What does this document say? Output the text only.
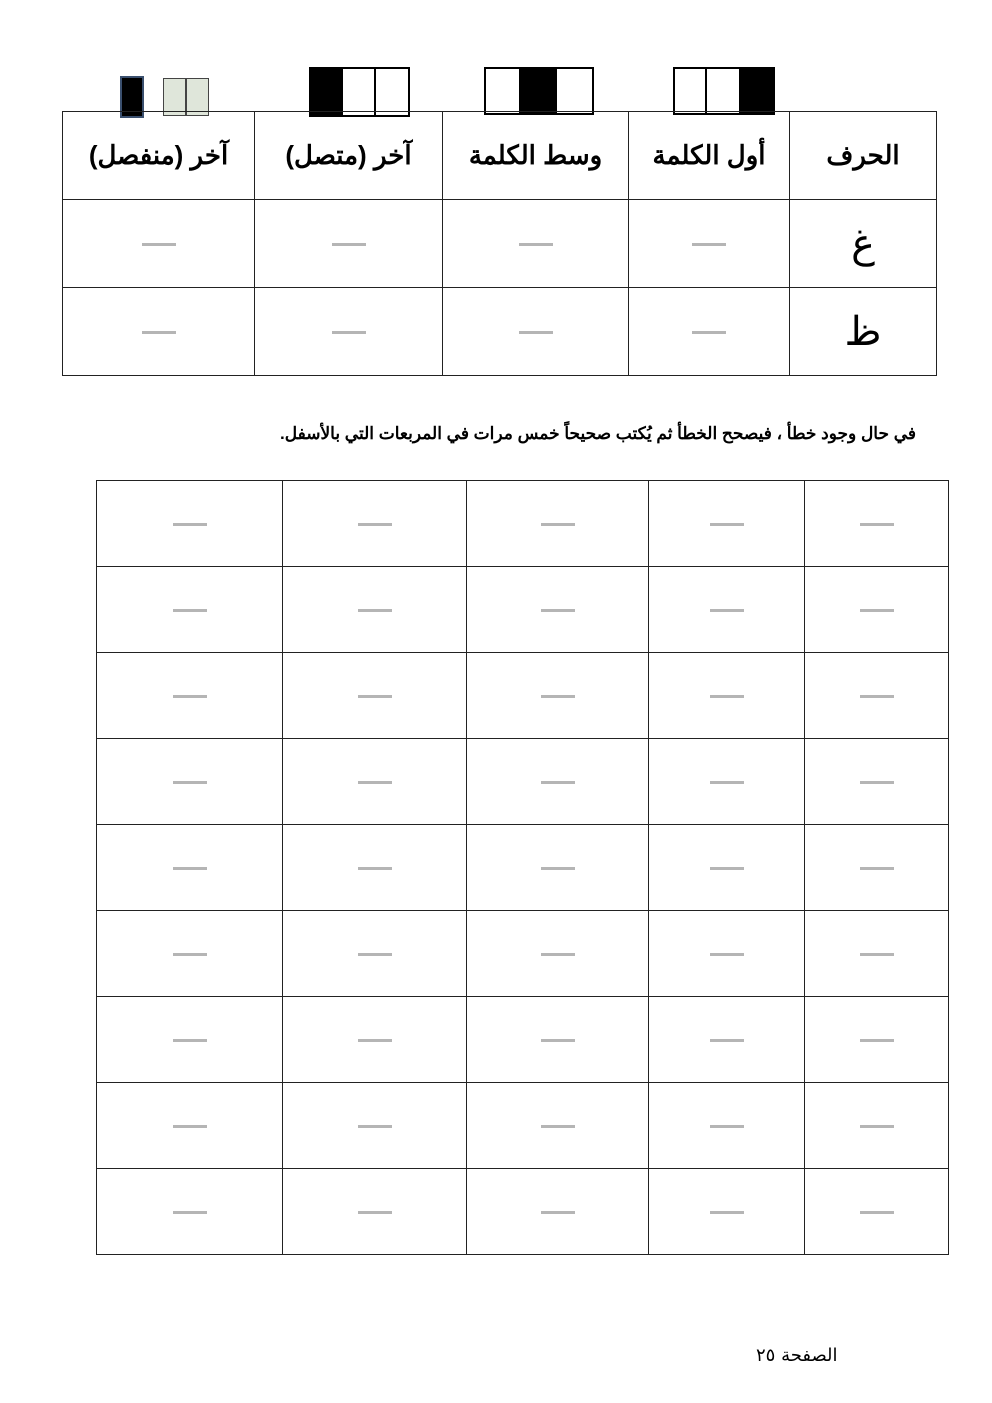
الحرف	أول الكلمة	وسط الكلمة	آخر (متصل)	آخر (منفصل)
غ				
ظ				
في حال وجود خطأ ، فيصحح الخطأ ثم يُكتب صحيحاً خمس مرات في المربعات التي بالأسفل.

الصفحة ٢٥
